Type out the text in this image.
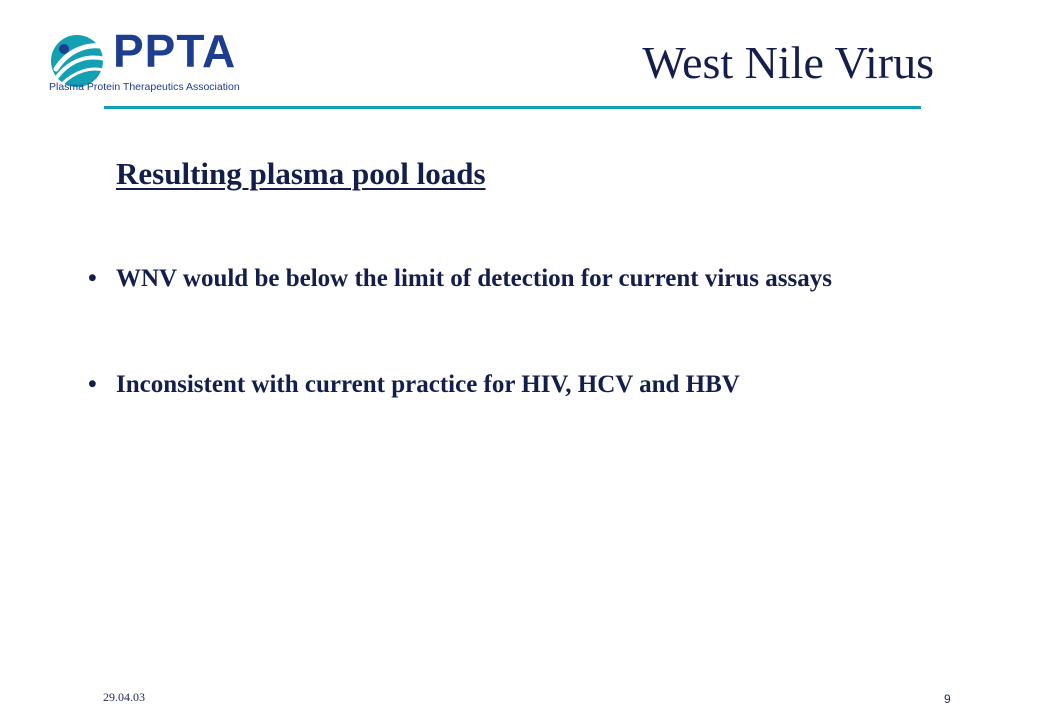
PPTA
Plasma Protein Therapeutics Association	West Nile Virus
Resulting plasma pool loads
• WNV would be below the limit of detection for current virus assays
• Inconsistent with current practice for HIV, HCV and HBV
29.04.03	9
